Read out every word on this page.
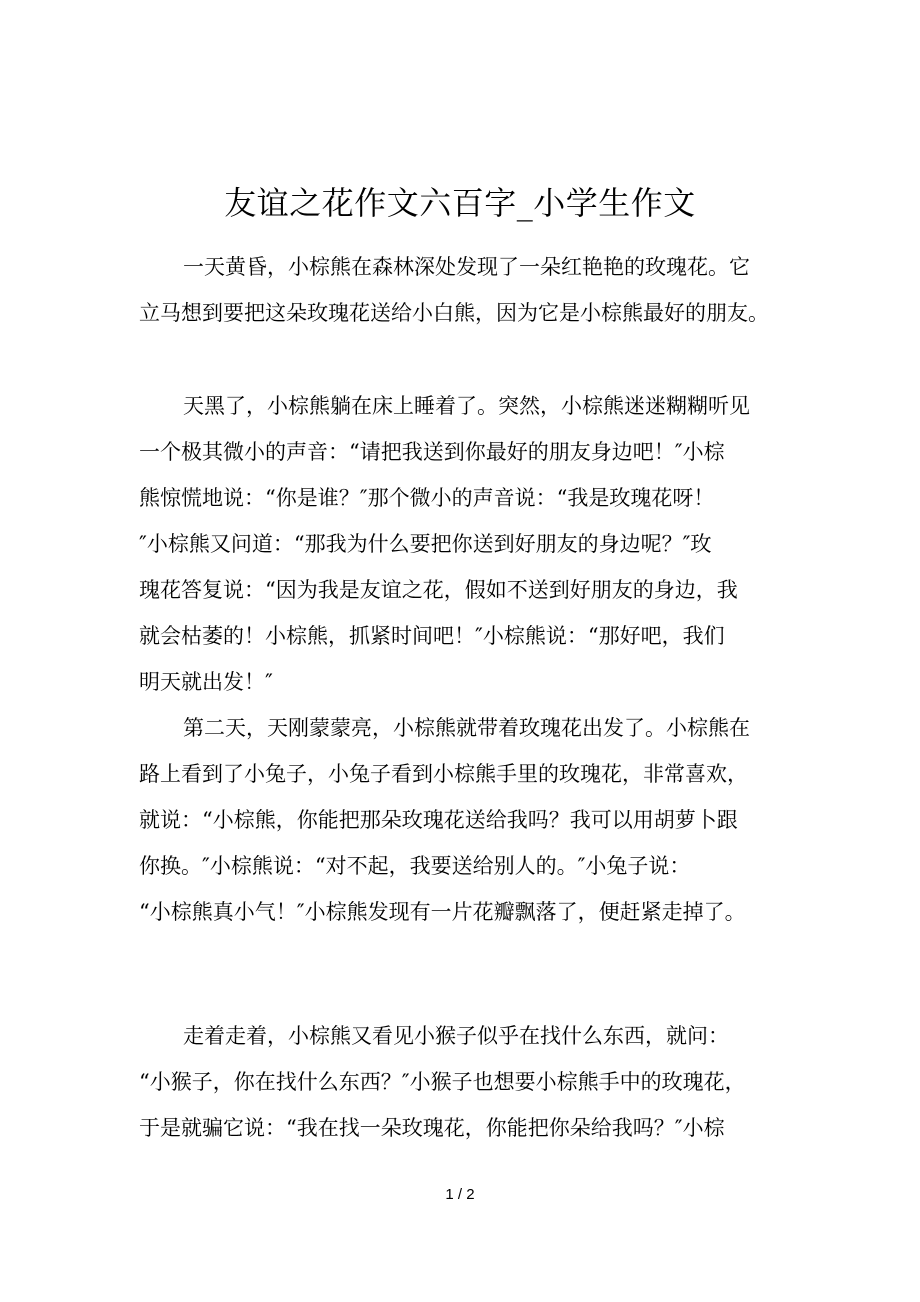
友谊之花作文六百字_小学生作文
一天黄昏，小棕熊在森林深处发现了一朵红艳艳的玫瑰花。它
立马想到要把这朵玫瑰花送给小白熊，因为它是小棕熊最好的朋友。
天黑了，小棕熊躺在床上睡着了。突然，小棕熊迷迷糊糊听见
一个极其微小的声音：“请把我送到你最好的朋友身边吧！″小棕
熊惊慌地说：“你是谁？″那个微小的声音说：“我是玫瑰花呀！
″小棕熊又问道：“那我为什么要把你送到好朋友的身边呢？″玫
瑰花答复说：“因为我是友谊之花，假如不送到好朋友的身边，我
就会枯萎的！小棕熊，抓紧时间吧！″小棕熊说：“那好吧，我们
明天就出发！″
第二天，天刚蒙蒙亮，小棕熊就带着玫瑰花出发了。小棕熊在
路上看到了小兔子，小兔子看到小棕熊手里的玫瑰花，非常喜欢，
就说：“小棕熊，你能把那朵玫瑰花送给我吗？我可以用胡萝卜跟
你换。″小棕熊说：“对不起，我要送给别人的。″小兔子说：
“小棕熊真小气！″小棕熊发现有一片花瓣飘落了，便赶紧走掉了。
走着走着，小棕熊又看见小猴子似乎在找什么东西，就问：
“小猴子，你在找什么东西？″小猴子也想要小棕熊手中的玫瑰花，
于是就骗它说：“我在找一朵玫瑰花，你能把你朵给我吗？″小棕
1 / 2
